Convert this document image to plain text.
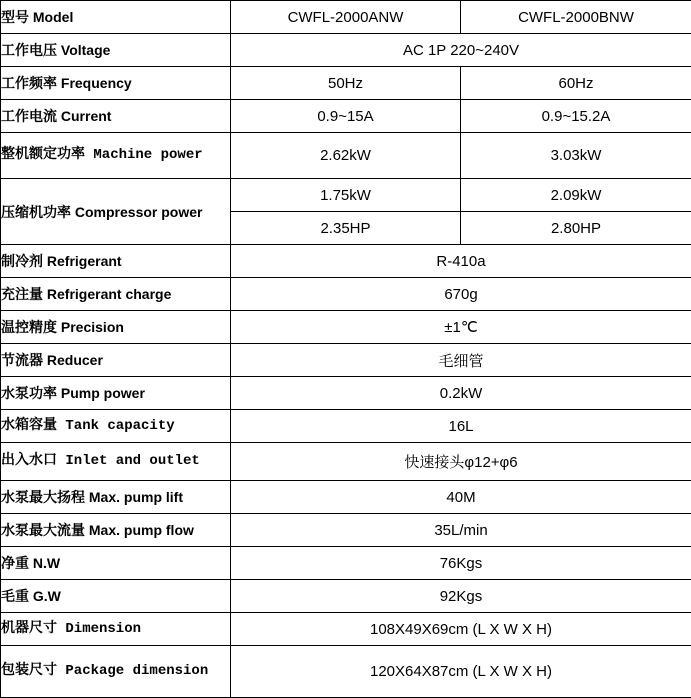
型号 Model	CWFL-2000ANW	CWFL-2000BNW
工作电压 Voltage	AC 1P 220~240V	
工作频率 Frequency	50Hz	60Hz
工作电流 Current	0.9~15A	0.9~15.2A
整机额定功率 Machine power	2.62kW	3.03kW
压缩机功率 Compressor power	1.75kW	2.09kW
	2.35HP	2.80HP
制冷剂 Refrigerant	R-410a	
充注量 Refrigerant charge	670g	
温控精度 Precision	±1℃	
节流器 Reducer	毛细管	
水泵功率 Pump power	0.2kW	
水箱容量 Tank capacity	16L	
出入水口 Inlet and outlet	快速接头φ12+φ6	
水泵最大扬程 Max. pump lift	40M	
水泵最大流量 Max. pump flow	35L/min	
净重 N.W	76Kgs	
毛重 G.W	92Kgs	
机器尺寸 Dimension	108X49X69cm (L X W X H)	
包装尺寸 Package dimension	120X64X87cm (L X W X H)	
